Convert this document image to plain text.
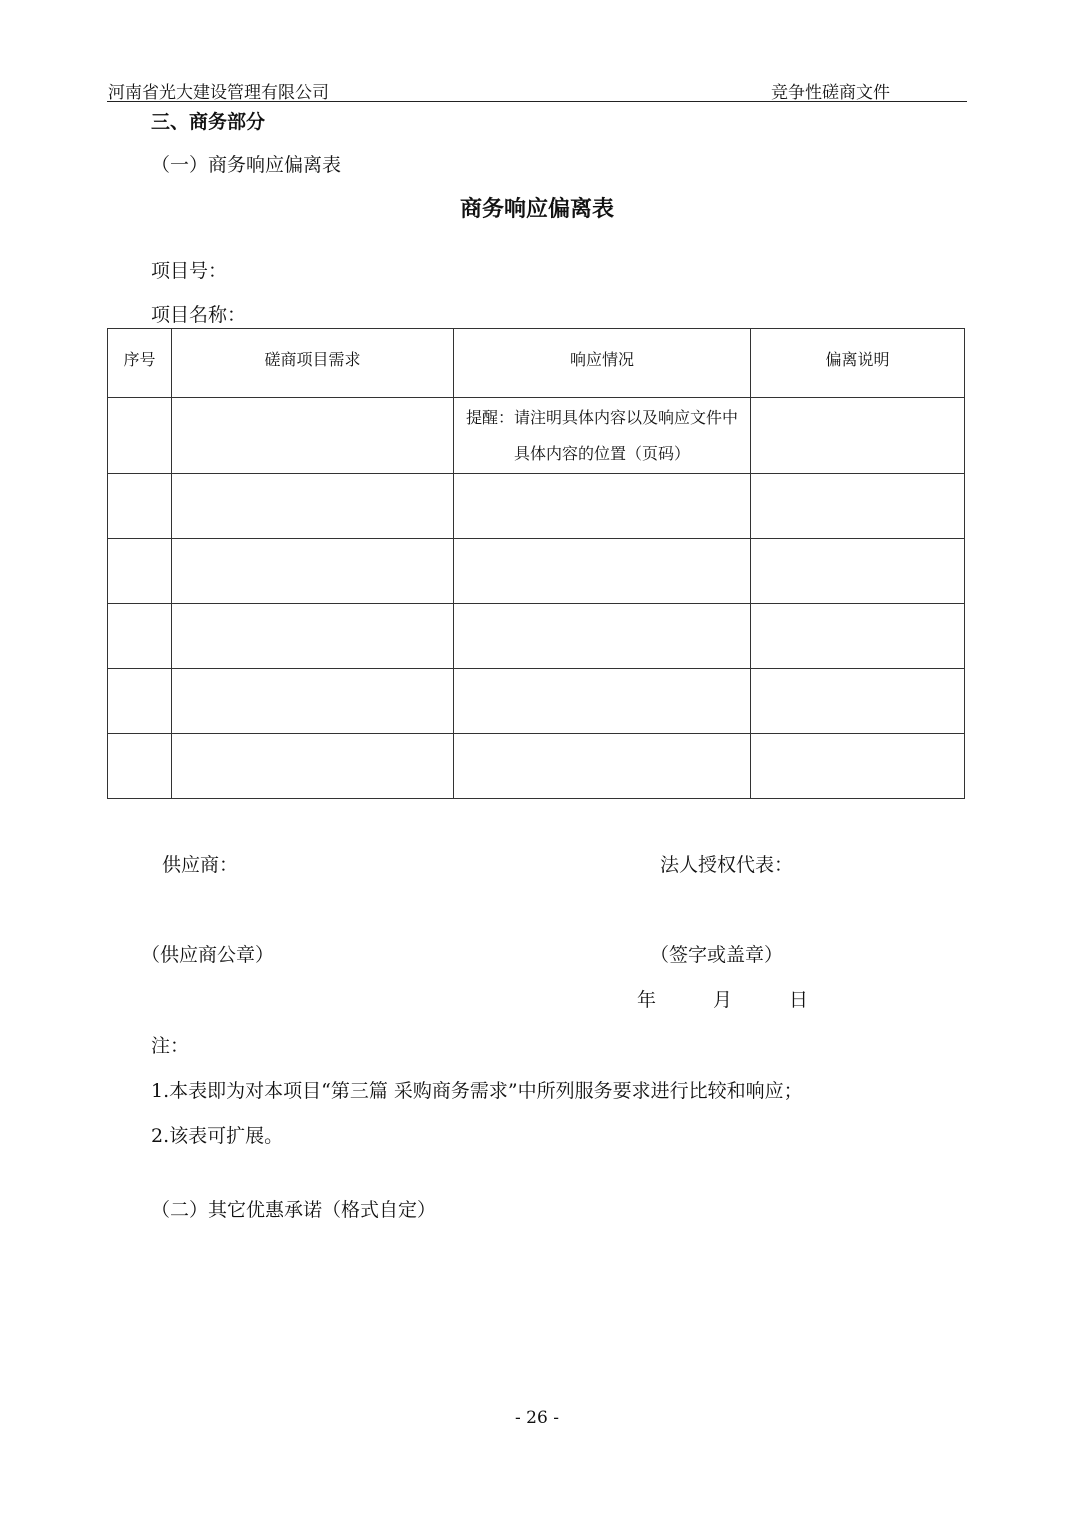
河南省光大建设管理有限公司	竞争性磋商文件
三、商务部分
（一）商务响应偏离表
商务响应偏离表
项目号：
项目名称：
序号	磋商项目需求	响应情况	偏离说明

		提醒：请注明具体内容以及响应文件中具体内容的位置（页码）	

供应商：	法人授权代表：
（供应商公章）	（签字或盖章）
年	月	日
注：
1.本表即为对本项目“第三篇 采购商务需求”中所列服务要求进行比较和响应；
2.该表可扩展。
（二）其它优惠承诺（格式自定）
- 26 -
